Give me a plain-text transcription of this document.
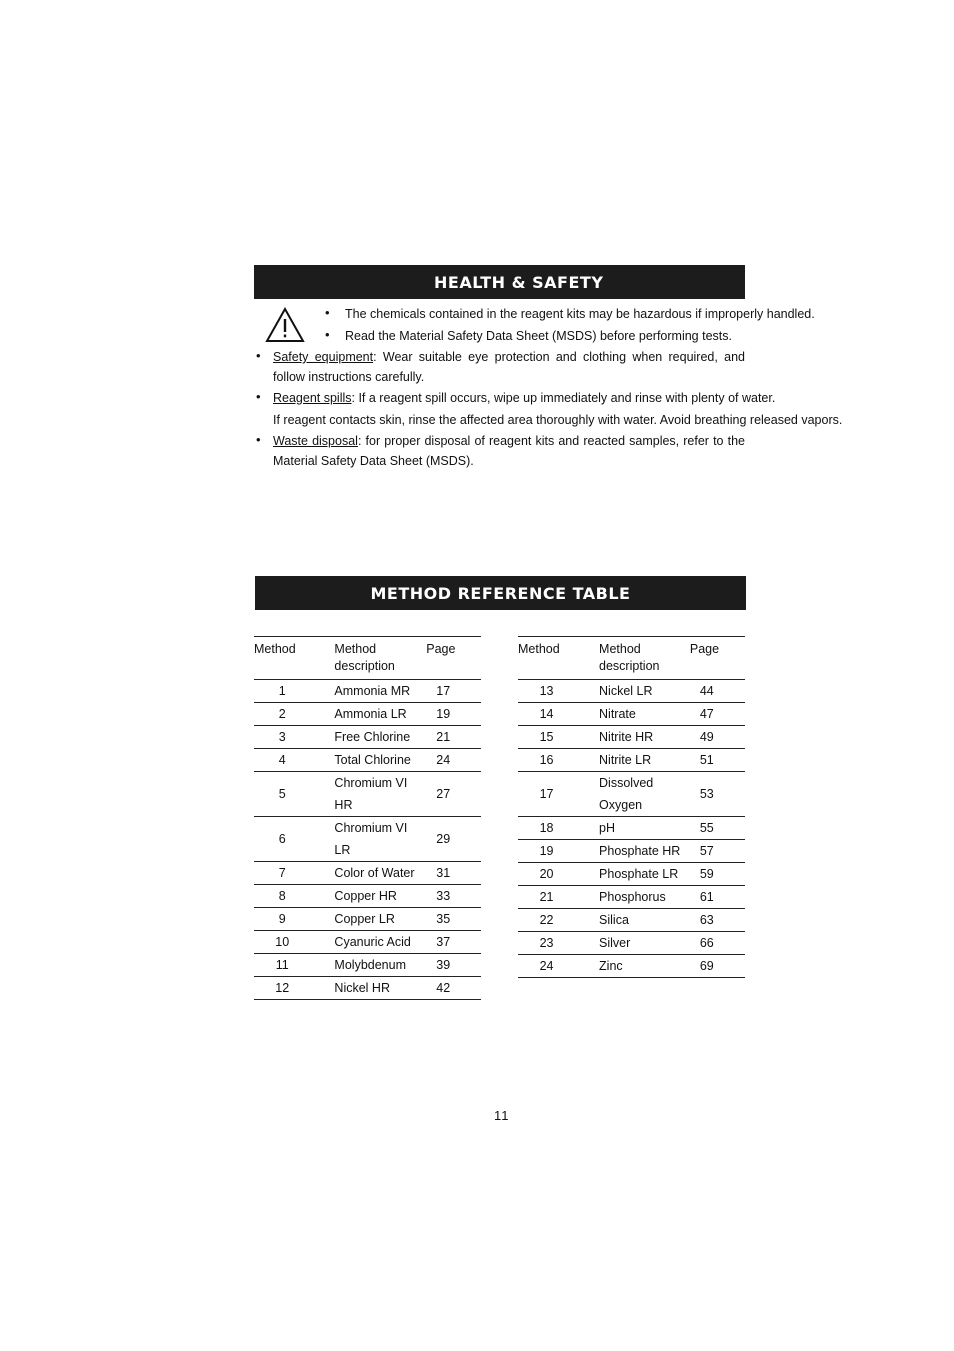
HEALTH & SAFETY
• The chemicals contained in the reagent kits may be hazardous if improperly handled.
• Read the Material Safety Data Sheet (MSDS) before performing tests.
• Safety equipment: Wear suitable eye protection and clothing when required, and follow instructions carefully.
• Reagent spills: If a reagent spill occurs, wipe up immediately and rinse with plenty of water.
If reagent contacts skin, rinse the affected area thoroughly with water. Avoid breathing released vapors.
• Waste disposal: for proper disposal of reagent kits and reacted samples, refer to the Material Safety Data Sheet (MSDS).
METHOD REFERENCE TABLE
Method	Method description	Page
1	Ammonia MR	17
2	Ammonia LR	19
3	Free Chlorine	21
4	Total Chlorine	24
5	Chromium VI HR	27
6	Chromium VI LR	29
7	Color of Water	31
8	Copper HR	33
9	Copper LR	35
10	Cyanuric Acid	37
11	Molybdenum	39
12	Nickel HR	42
Method	Method description	Page
13	Nickel LR	44
14	Nitrate	47
15	Nitrite HR	49
16	Nitrite LR	51
17	Dissolved Oxygen	53
18	pH	55
19	Phosphate HR	57
20	Phosphate LR	59
21	Phosphorus	61
22	Silica	63
23	Silver	66
24	Zinc	69
11
